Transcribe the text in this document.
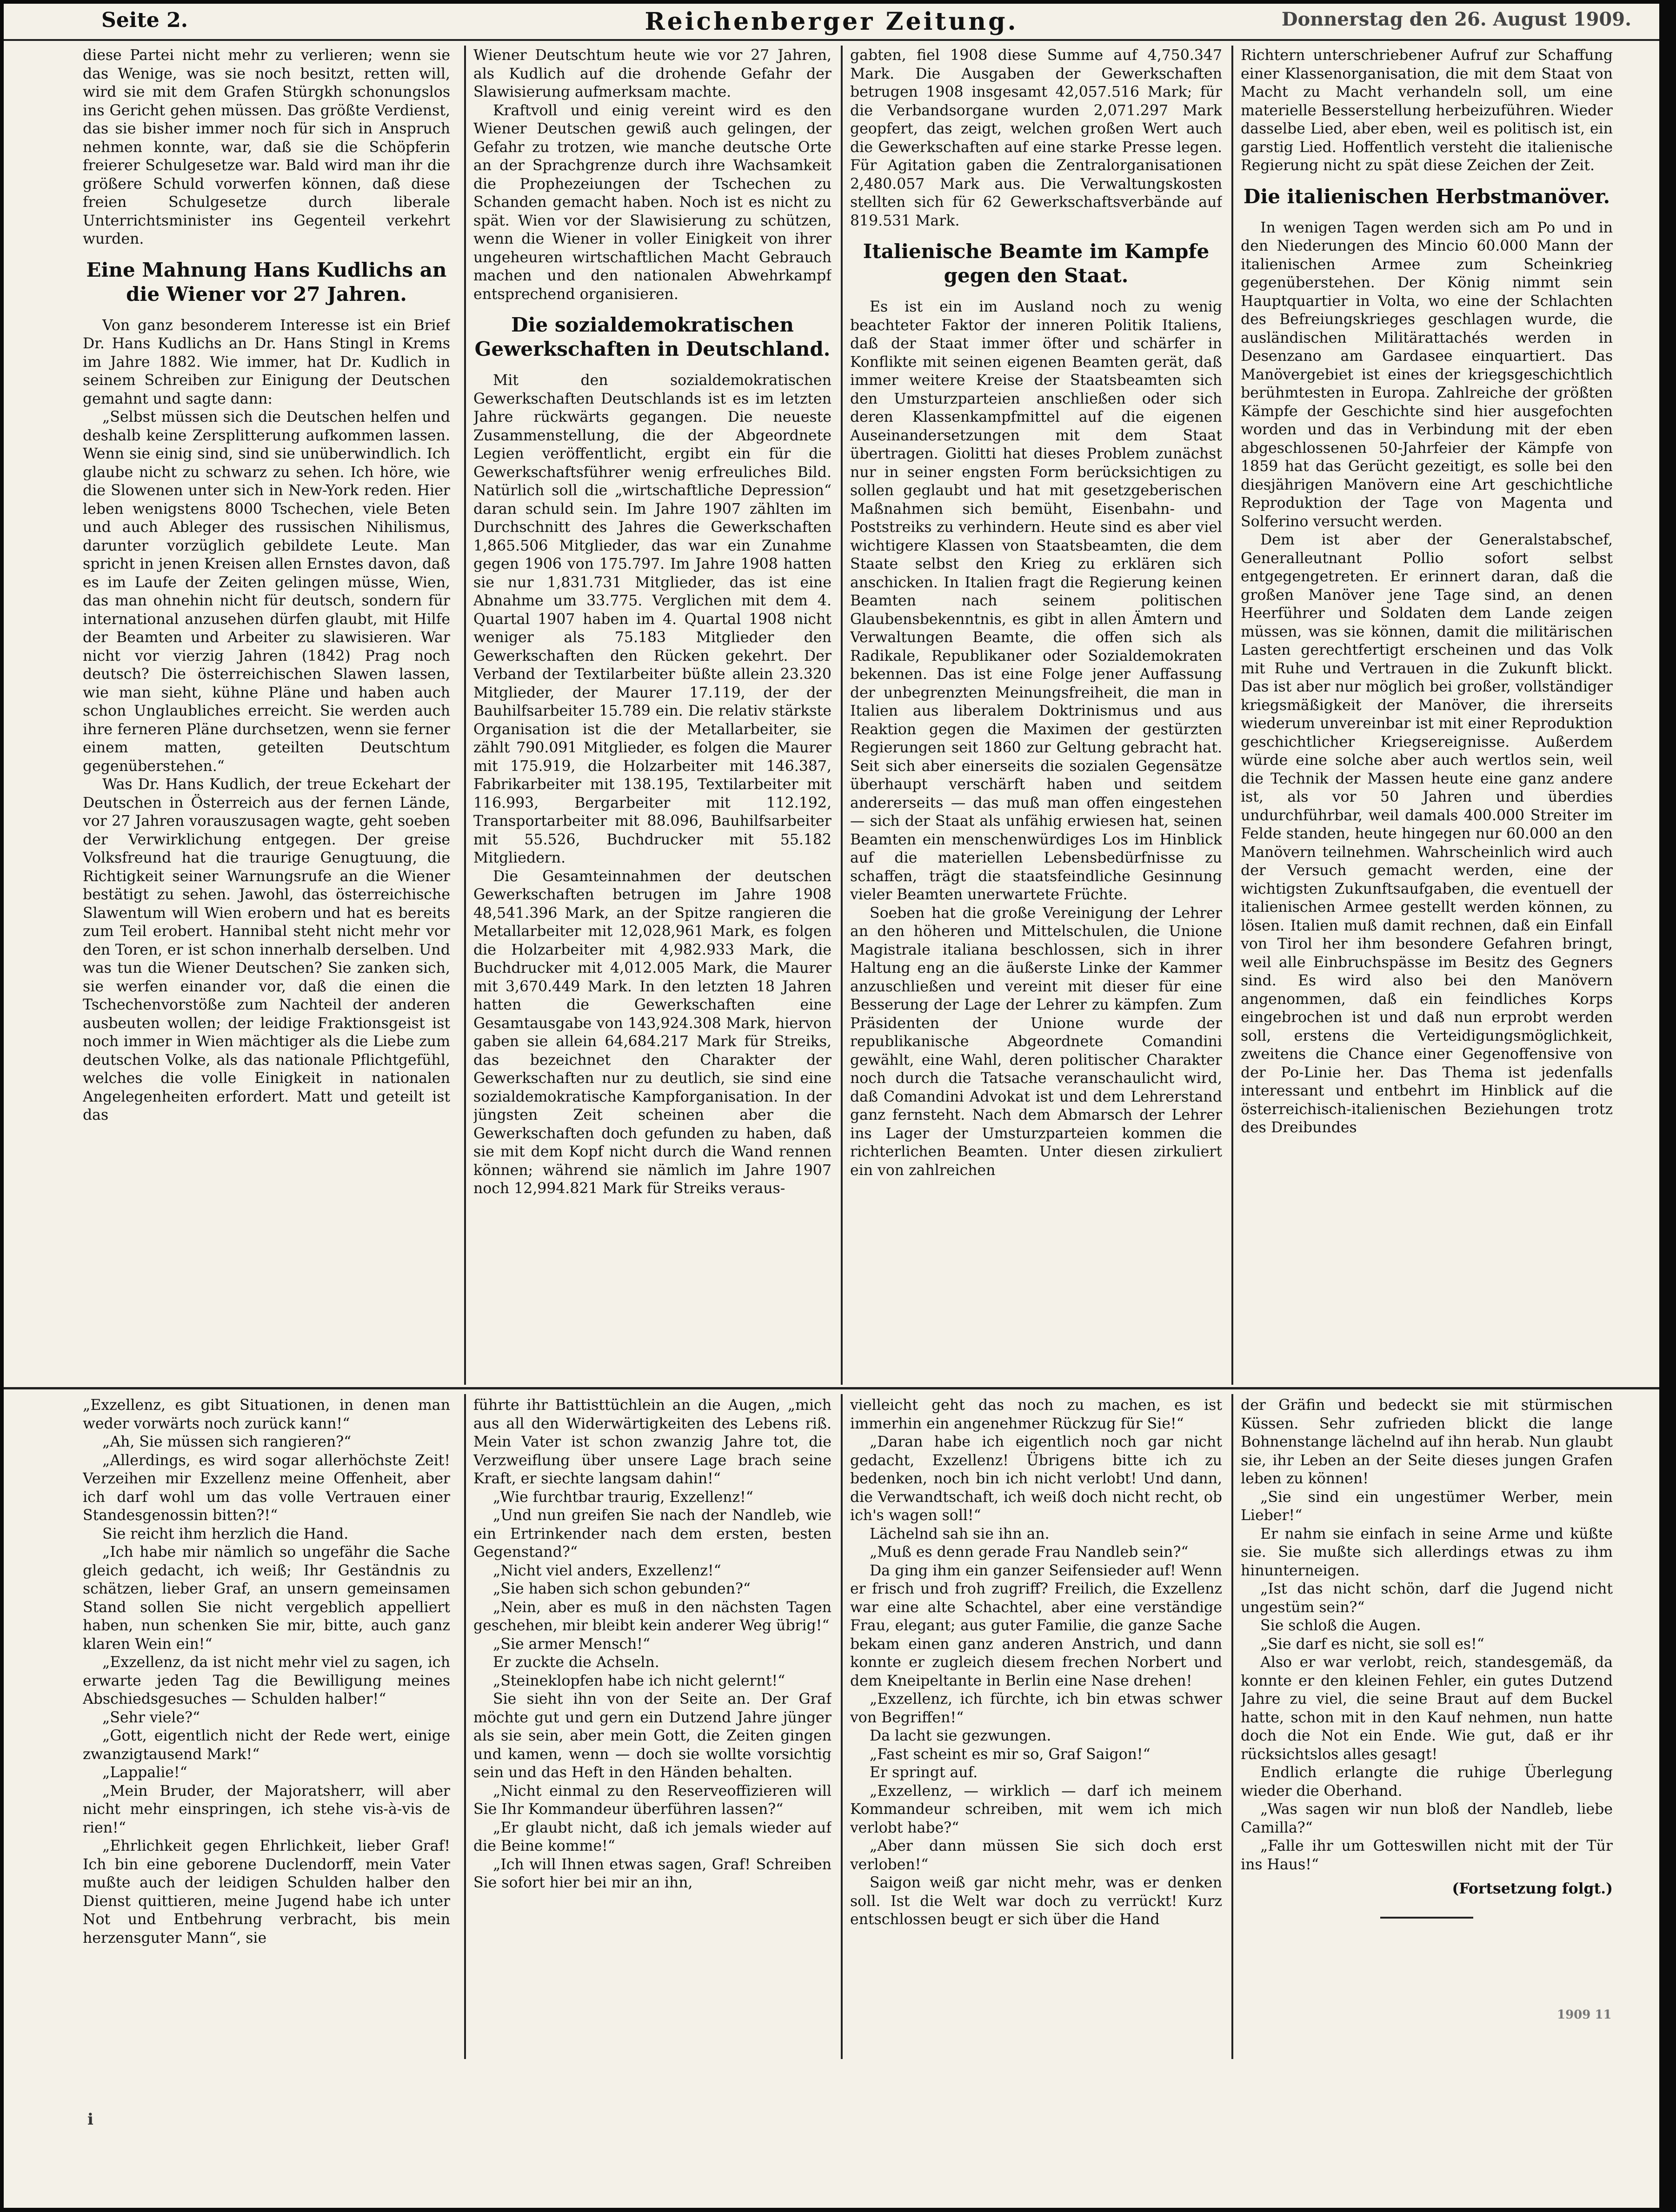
Seite 2.	Reichenberger Zeitung.	Donnerstag den 26. August 1909.

diese Partei nicht mehr zu verlieren; wenn sie das Wenige, was sie noch besitzt, retten will, wird sie mit dem Grafen Stürgkh schonungslos ins Gericht gehen müssen. Das größte Verdienst, das sie bisher immer noch für sich in Anspruch nehmen konnte, war, daß sie die Schöpferin freierer Schulgesetze war. Bald wird man ihr die größere Schuld vorwerfen können, daß diese freien Schulgesetze durch liberale Unterrichtsminister ins Gegenteil verkehrt wurden.

Eine Mahnung Hans Kudlichs an die Wiener vor 27 Jahren.

Von ganz besonderem Interesse ist ein Brief Dr. Hans Kudlichs an Dr. Hans Stingl in Krems im Jahre 1882. Wie immer, hat Dr. Kudlich in seinem Schreiben zur Einigung der Deutschen gemahnt und sagte dann:

„Selbst müssen sich die Deutschen helfen und deshalb keine Zersplitterung aufkommen lassen. Wenn sie einig sind, sind sie unüberwindlich. Ich glaube nicht zu schwarz zu sehen. Ich höre, wie die Slowenen unter sich in New-York reden. Hier leben wenigstens 8000 Tschechen, viele Beten und auch Ableger des russischen Nihilismus, darunter vorzüglich gebildete Leute. Man spricht in jenen Kreisen allen Ernstes davon, daß es im Laufe der Zeiten gelingen müsse, Wien, das man ohnehin nicht für deutsch, sondern für international anzusehen dürfen glaubt, mit Hilfe der Beamten und Arbeiter zu slawisieren. War nicht vor vierzig Jahren (1842) Prag noch deutsch? Die österreichischen Slawen lassen, wie man sieht, kühne Pläne und haben auch schon Unglaubliches erreicht. Sie werden auch ihre ferneren Pläne durchsetzen, wenn sie ferner einem matten, geteilten Deutschtum gegenüberstehen.“

Was Dr. Hans Kudlich, der treue Eckehart der Deutschen in Österreich aus der fernen Lände, vor 27 Jahren vorauszusagen wagte, geht soeben der Verwirklichung entgegen. Der greise Volksfreund hat die traurige Genugtuung, die Richtigkeit seiner Warnungsrufe an die Wiener bestätigt zu sehen. Jawohl, das österreichische Slawentum will Wien erobern und hat es bereits zum Teil erobert. Hannibal steht nicht mehr vor den Toren, er ist schon innerhalb derselben. Und was tun die Wiener Deutschen? Sie zanken sich, sie werfen einander vor, daß die einen die Tschechenvorstöße zum Nachteil der anderen ausbeuten wollen; der leidige Fraktionsgeist ist noch immer in Wien mächtiger als die Liebe zum deutschen Volke, als das nationale Pflichtgefühl, welches die volle Einigkeit in nationalen Angelegenheiten erfordert. Matt und geteilt ist das

Wiener Deutschtum heute wie vor 27 Jahren, als Kudlich auf die drohende Gefahr der Slawisierung aufmerksam machte.

Kraftvoll und einig vereint wird es den Wiener Deutschen gewiß auch gelingen, der Gefahr zu trotzen, wie manche deutsche Orte an der Sprachgrenze durch ihre Wachsamkeit die Prophezeiungen der Tschechen zu Schanden gemacht haben. Noch ist es nicht zu spät. Wien vor der Slawisierung zu schützen, wenn die Wiener in voller Einigkeit von ihrer ungeheuren wirtschaftlichen Macht Gebrauch machen und den nationalen Abwehrkampf entsprechend organisieren.

Die sozialdemokratischen Gewerkschaften in Deutschland.

Mit den sozialdemokratischen Gewerkschaften Deutschlands ist es im letzten Jahre rückwärts gegangen. Die neueste Zusammenstellung, die der Abgeordnete Legien veröffentlicht, ergibt ein für die Gewerkschaftsführer wenig erfreuliches Bild. Natürlich soll die „wirtschaftliche Depression“ daran schuld sein. Im Jahre 1907 zählten im Durchschnitt des Jahres die Gewerkschaften 1,865.506 Mitglieder, das war ein Zunahme gegen 1906 von 175.797. Im Jahre 1908 hatten sie nur 1,831.731 Mitglieder, das ist eine Abnahme um 33.775. Verglichen mit dem 4. Quartal 1907 haben im 4. Quartal 1908 nicht weniger als 75.183 Mitglieder den Gewerkschaften den Rücken gekehrt. Der Verband der Textilarbeiter büßte allein 23.320 Mitglieder, der Maurer 17.119, der der Bauhilfsarbeiter 15.789 ein. Die relativ stärkste Organisation ist die der Metallarbeiter, sie zählt 790.091 Mitglieder, es folgen die Maurer mit 175.919, die Holzarbeiter mit 146.387, Fabrikarbeiter mit 138.195, Textilarbeiter mit 116.993, Bergarbeiter mit 112.192, Transportarbeiter mit 88.096, Bauhilfsarbeiter mit 55.526, Buchdrucker mit 55.182 Mitgliedern.

Die Gesamteinnahmen der deutschen Gewerkschaften betrugen im Jahre 1908 48,541.396 Mark, an der Spitze rangieren die Metallarbeiter mit 12,028,961 Mark, es folgen die Holzarbeiter mit 4,982.933 Mark, die Buchdrucker mit 4,012.005 Mark, die Maurer mit 3,670.449 Mark. In den letzten 18 Jahren hatten die Gewerkschaften eine Gesamtausgabe von 143,924.308 Mark, hiervon gaben sie allein 64,684.217 Mark für Streiks, das bezeichnet den Charakter der Gewerkschaften nur zu deutlich, sie sind eine sozialdemokratische Kampforganisation. In der jüngsten Zeit scheinen aber die Gewerkschaften doch gefunden zu haben, daß sie mit dem Kopf nicht durch die Wand rennen können; während sie nämlich im Jahre 1907 noch 12,994.821 Mark für Streiks veraus-

gabten, fiel 1908 diese Summe auf 4,750.347 Mark. Die Ausgaben der Gewerkschaften betrugen 1908 insgesamt 42,057.516 Mark; für die Verbandsorgane wurden 2,071.297 Mark geopfert, das zeigt, welchen großen Wert auch die Gewerkschaften auf eine starke Presse legen. Für Agitation gaben die Zentralorganisationen 2,480.057 Mark aus. Die Verwaltungskosten stellten sich für 62 Gewerkschaftsverbände auf 819.531 Mark.

Italienische Beamte im Kampfe gegen den Staat.

Es ist ein im Ausland noch zu wenig beachteter Faktor der inneren Politik Italiens, daß der Staat immer öfter und schärfer in Konflikte mit seinen eigenen Beamten gerät, daß immer weitere Kreise der Staatsbeamten sich den Umsturzparteien anschließen oder sich deren Klassenkampfmittel auf die eigenen Auseinandersetzungen mit dem Staat übertragen. Giolitti hat dieses Problem zunächst nur in seiner engsten Form berücksichtigen zu sollen geglaubt und hat mit gesetzgeberischen Maßnahmen sich bemüht, Eisenbahn- und Poststreiks zu verhindern. Heute sind es aber viel wichtigere Klassen von Staatsbeamten, die dem Staate selbst den Krieg zu erklären sich anschicken. In Italien fragt die Regierung keinen Beamten nach seinem politischen Glaubensbekenntnis, es gibt in allen Ämtern und Verwaltungen Beamte, die offen sich als Radikale, Republikaner oder Sozialdemokraten bekennen. Das ist eine Folge jener Auffassung der unbegrenzten Meinungsfreiheit, die man in Italien aus liberalem Doktrinismus und aus Reaktion gegen die Maximen der gestürzten Regierungen seit 1860 zur Geltung gebracht hat. Seit sich aber einerseits die sozialen Gegensätze überhaupt verschärft haben und seitdem andererseits — das muß man offen eingestehen — sich der Staat als unfähig erwiesen hat, seinen Beamten ein menschenwürdiges Los im Hinblick auf die materiellen Lebensbedürfnisse zu schaffen, trägt die staatsfeindliche Gesinnung vieler Beamten unerwartete Früchte.

Soeben hat die große Vereinigung der Lehrer an den höheren und Mittelschulen, die Unione Magistrale italiana beschlossen, sich in ihrer Haltung eng an die äußerste Linke der Kammer anzuschließen und vereint mit dieser für eine Besserung der Lage der Lehrer zu kämpfen. Zum Präsidenten der Unione wurde der republikanische Abgeordnete Comandini gewählt, eine Wahl, deren politischer Charakter noch durch die Tatsache veranschaulicht wird, daß Comandini Advokat ist und dem Lehrerstand ganz fernsteht. Nach dem Abmarsch der Lehrer ins Lager der Umsturzparteien kommen die richterlichen Beamten. Unter diesen zirkuliert ein von zahlreichen

Richtern unterschriebener Aufruf zur Schaffung einer Klassenorganisation, die mit dem Staat von Macht zu Macht verhandeln soll, um eine materielle Besserstellung herbeizuführen. Wieder dasselbe Lied, aber eben, weil es politisch ist, ein garstig Lied. Hoffentlich versteht die italienische Regierung nicht zu spät diese Zeichen der Zeit.

Die italienischen Herbstmanöver.

In wenigen Tagen werden sich am Po und in den Niederungen des Mincio 60.000 Mann der italienischen Armee zum Scheinkrieg gegenüberstehen. Der König nimmt sein Hauptquartier in Volta, wo eine der Schlachten des Befreiungskrieges geschlagen wurde, die ausländischen Militärattachés werden in Desenzano am Gardasee einquartiert. Das Manövergebiet ist eines der kriegsgeschichtlich berühmtesten in Europa. Zahlreiche der größten Kämpfe der Geschichte sind hier ausgefochten worden und das in Verbindung mit der eben abgeschlossenen 50-Jahrfeier der Kämpfe von 1859 hat das Gerücht gezeitigt, es solle bei den diesjährigen Manövern eine Art geschichtliche Reproduktion der Tage von Magenta und Solferino versucht werden.

Dem ist aber der Generalstabschef, Generalleutnant Pollio sofort selbst entgegengetreten. Er erinnert daran, daß die großen Manöver jene Tage sind, an denen Heerführer und Soldaten dem Lande zeigen müssen, was sie können, damit die militärischen Lasten gerechtfertigt erscheinen und das Volk mit Ruhe und Vertrauen in die Zukunft blickt. Das ist aber nur möglich bei großer, vollständiger kriegsmäßigkeit der Manöver, die ihrerseits wiederum unvereinbar ist mit einer Reproduktion geschichtlicher Kriegsereignisse. Außerdem würde eine solche aber auch wertlos sein, weil die Technik der Massen heute eine ganz andere ist, als vor 50 Jahren und überdies undurchführbar, weil damals 400.000 Streiter im Felde standen, heute hingegen nur 60.000 an den Manövern teilnehmen. Wahrscheinlich wird auch der Versuch gemacht werden, eine der wichtigsten Zukunftsaufgaben, die eventuell der italienischen Armee gestellt werden können, zu lösen. Italien muß damit rechnen, daß ein Einfall von Tirol her ihm besondere Gefahren bringt, weil alle Einbruchspässe im Besitz des Gegners sind. Es wird also bei den Manövern angenommen, daß ein feindliches Korps eingebrochen ist und daß nun erprobt werden soll, erstens die Verteidigungsmöglichkeit, zweitens die Chance einer Gegenoffensive von der Po-Linie her. Das Thema ist jedenfalls interessant und entbehrt im Hinblick auf die österreichisch-italienischen Beziehungen trotz des Dreibundes

„Exzellenz, es gibt Situationen, in denen man weder vorwärts noch zurück kann!“

„Ah, Sie müssen sich rangieren?“

„Allerdings, es wird sogar allerhöchste Zeit! Verzeihen mir Exzellenz meine Offenheit, aber ich darf wohl um das volle Vertrauen einer Standesgenossin bitten?!“

Sie reicht ihm herzlich die Hand.

„Ich habe mir nämlich so ungefähr die Sache gleich gedacht, ich weiß; Ihr Geständnis zu schätzen, lieber Graf, an unsern gemeinsamen Stand sollen Sie nicht vergeblich appelliert haben, nun schenken Sie mir, bitte, auch ganz klaren Wein ein!“

„Exzellenz, da ist nicht mehr viel zu sagen, ich erwarte jeden Tag die Bewilligung meines Abschiedsgesuches — Schulden halber!“

„Sehr viele?“

„Gott, eigentlich nicht der Rede wert, einige zwanzigtausend Mark!“

„Lappalie!“

„Mein Bruder, der Majoratsherr, will aber nicht mehr einspringen, ich stehe vis-à-vis de rien!“

„Ehrlichkeit gegen Ehrlichkeit, lieber Graf! Ich bin eine geborene Duclendorff, mein Vater mußte auch der leidigen Schulden halber den Dienst quittieren, meine Jugend habe ich unter Not und Entbehrung verbracht, bis mein herzensguter Mann“, sie

führte ihr Battisttüchlein an die Augen, „mich aus all den Widerwärtigkeiten des Lebens riß. Mein Vater ist schon zwanzig Jahre tot, die Verzweiflung über unsere Lage brach seine Kraft, er siechte langsam dahin!“

„Wie furchtbar traurig, Exzellenz!“

„Und nun greifen Sie nach der Nandleb, wie ein Ertrinkender nach dem ersten, besten Gegenstand?“

„Nicht viel anders, Exzellenz!“

„Sie haben sich schon gebunden?“

„Nein, aber es muß in den nächsten Tagen geschehen, mir bleibt kein anderer Weg übrig!“

„Sie armer Mensch!“

Er zuckte die Achseln.

„Steineklopfen habe ich nicht gelernt!“

Sie sieht ihn von der Seite an. Der Graf möchte gut und gern ein Dutzend Jahre jünger als sie sein, aber mein Gott, die Zeiten gingen und kamen, wenn — doch sie wollte vorsichtig sein und das Heft in den Händen behalten.

„Nicht einmal zu den Reserveoffizieren will Sie Ihr Kommandeur überführen lassen?“

„Er glaubt nicht, daß ich jemals wieder auf die Beine komme!“

„Ich will Ihnen etwas sagen, Graf! Schreiben Sie sofort hier bei mir an ihn,

vielleicht geht das noch zu machen, es ist immerhin ein angenehmer Rückzug für Sie!“

„Daran habe ich eigentlich noch gar nicht gedacht, Exzellenz! Übrigens bitte ich zu bedenken, noch bin ich nicht verlobt! Und dann, die Verwandtschaft, ich weiß doch nicht recht, ob ich's wagen soll!“

Lächelnd sah sie ihn an.

„Muß es denn gerade Frau Nandleb sein?“

Da ging ihm ein ganzer Seifensieder auf! Wenn er frisch und froh zugriff? Freilich, die Exzellenz war eine alte Schachtel, aber eine verständige Frau, elegant; aus guter Familie, die ganze Sache bekam einen ganz anderen Anstrich, und dann konnte er zugleich diesem frechen Norbert und dem Kneipeltante in Berlin eine Nase drehen!

„Exzellenz, ich fürchte, ich bin etwas schwer von Begriffen!“

Da lacht sie gezwungen.

„Fast scheint es mir so, Graf Saigon!“

Er springt auf.

„Exzellenz, — wirklich — darf ich meinem Kommandeur schreiben, mit wem ich mich verlobt habe?“

„Aber dann müssen Sie sich doch erst verloben!“

Saigon weiß gar nicht mehr, was er denken soll. Ist die Welt war doch zu verrückt! Kurz entschlossen beugt er sich über die Hand

der Gräfin und bedeckt sie mit stürmischen Küssen. Sehr zufrieden blickt die lange Bohnenstange lächelnd auf ihn herab. Nun glaubt sie, ihr Leben an der Seite dieses jungen Grafen leben zu können!

„Sie sind ein ungestümer Werber, mein Lieber!“

Er nahm sie einfach in seine Arme und küßte sie. Sie mußte sich allerdings etwas zu ihm hinunterneigen.

„Ist das nicht schön, darf die Jugend nicht ungestüm sein?“

Sie schloß die Augen.

„Sie darf es nicht, sie soll es!“

Also er war verlobt, reich, standesgemäß, da konnte er den kleinen Fehler, ein gutes Dutzend Jahre zu viel, die seine Braut auf dem Buckel hatte, schon mit in den Kauf nehmen, nun hatte doch die Not ein Ende. Wie gut, daß er ihr rücksichtslos alles gesagt!

Endlich erlangte die ruhige Überlegung wieder die Oberhand.

„Was sagen wir nun bloß der Nandleb, liebe Camilla?“

„Falle ihr um Gotteswillen nicht mit der Tür ins Haus!“

(Fortsetzung folgt.)
i
1909 11
